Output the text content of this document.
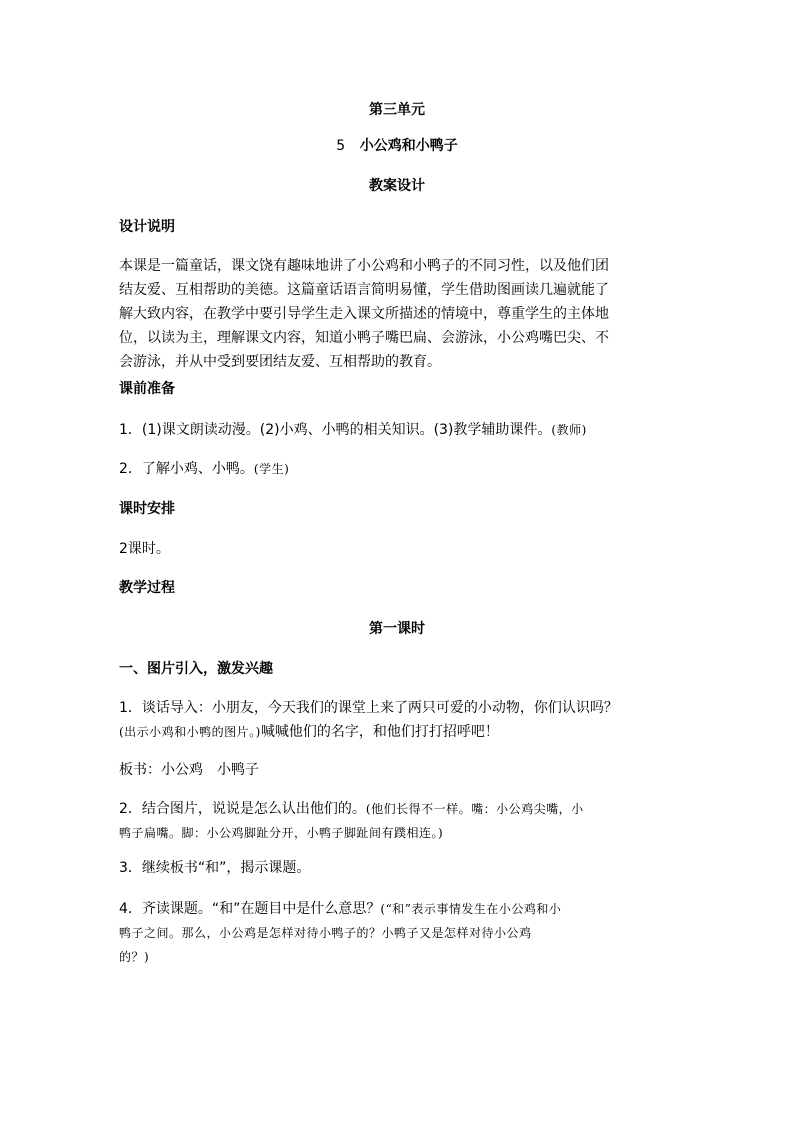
第三单元
5 小公鸡和小鸭子
教案设计
设计说明
本课是一篇童话，课文饶有趣味地讲了小公鸡和小鸭子的不同习性，以及他们团
结友爱、互相帮助的美德。这篇童话语言简明易懂，学生借助图画读几遍就能了
解大致内容，在教学中要引导学生走入课文所描述的情境中，尊重学生的主体地
位，以读为主，理解课文内容，知道小鸭子嘴巴扁、会游泳，小公鸡嘴巴尖、不
会游泳，并从中受到要团结友爱、互相帮助的教育。
课前准备
1．(1)课文朗读动漫。(2)小鸡、小鸭的相关知识。(3)教学辅助课件。(教师)
2．了解小鸡、小鸭。(学生)
课时安排
2课时。
教学过程
第一课时
一、图片引入，激发兴趣
1．谈话导入：小朋友，今天我们的课堂上来了两只可爱的小动物，你们认识吗？
(出示小鸡和小鸭的图片。)喊喊他们的名字，和他们打打招呼吧！
板书：小公鸡　小鸭子
2．结合图片，说说是怎么认出他们的。(他们长得不一样。嘴：小公鸡尖嘴，小
鸭子扁嘴。脚：小公鸡脚趾分开，小鸭子脚趾间有蹼相连。)
3．继续板书“和”，揭示课题。
4．齐读课题。“和”在题目中是什么意思？(“和”表示事情发生在小公鸡和小
鸭子之间。那么，小公鸡是怎样对待小鸭子的？小鸭子又是怎样对待小公鸡
的？)
